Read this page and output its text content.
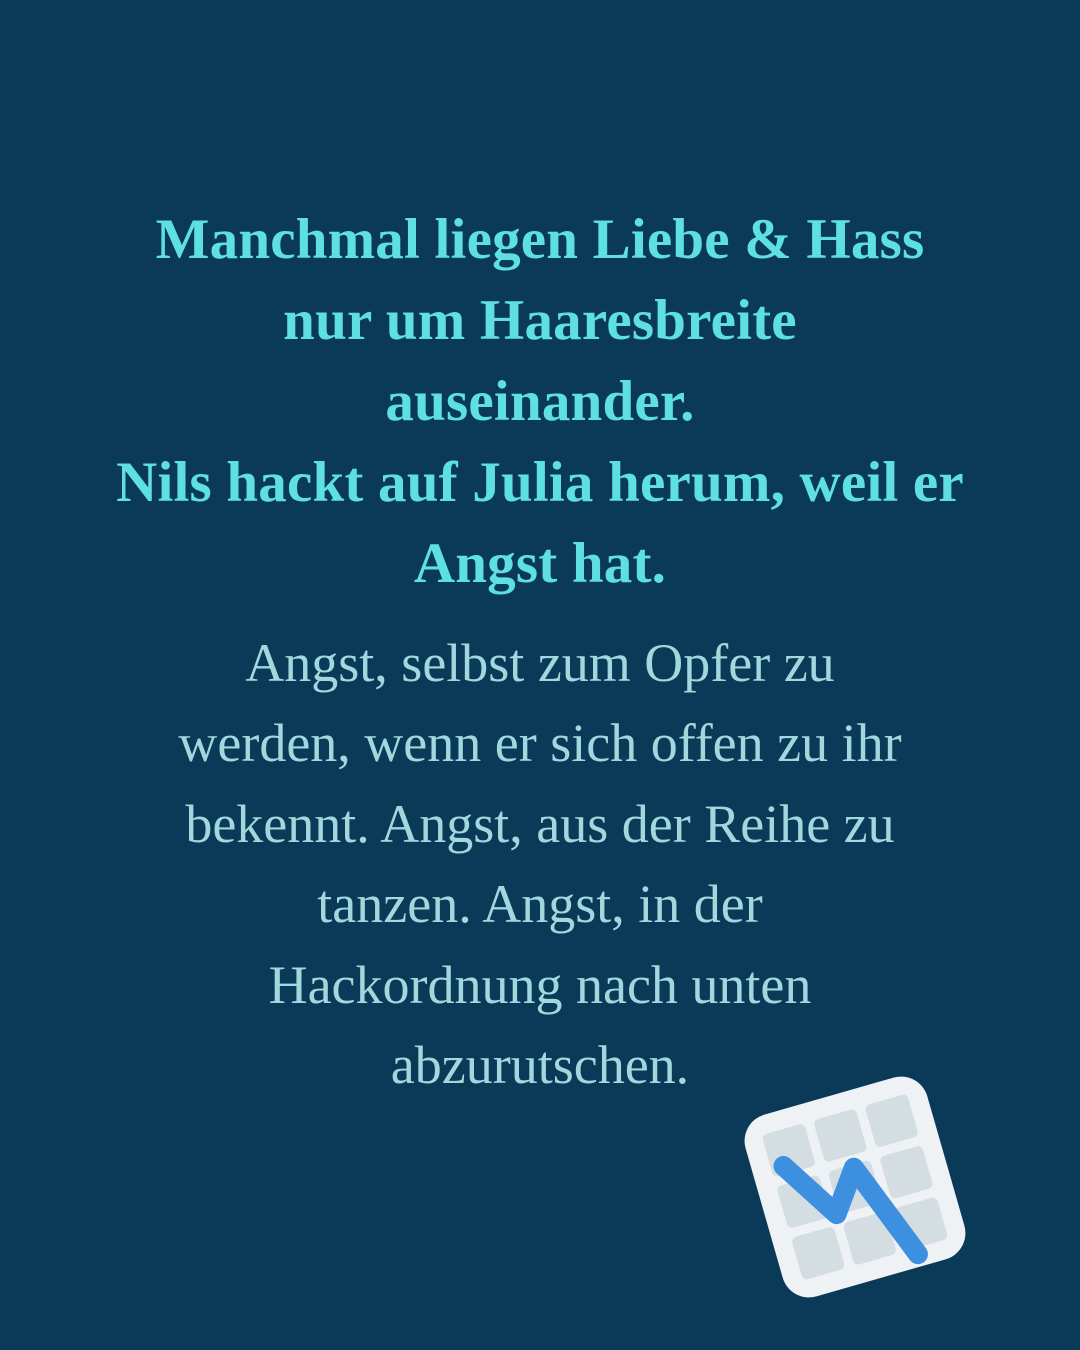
Manchmal liegen Liebe & Hass
nur um Haaresbreite
auseinander.
Nils hackt auf Julia herum, weil er
Angst hat.

Angst, selbst zum Opfer zu
werden, wenn er sich offen zu ihr
bekennt. Angst, aus der Reihe zu
tanzen. Angst, in der
Hackordnung nach unten
abzurutschen.
